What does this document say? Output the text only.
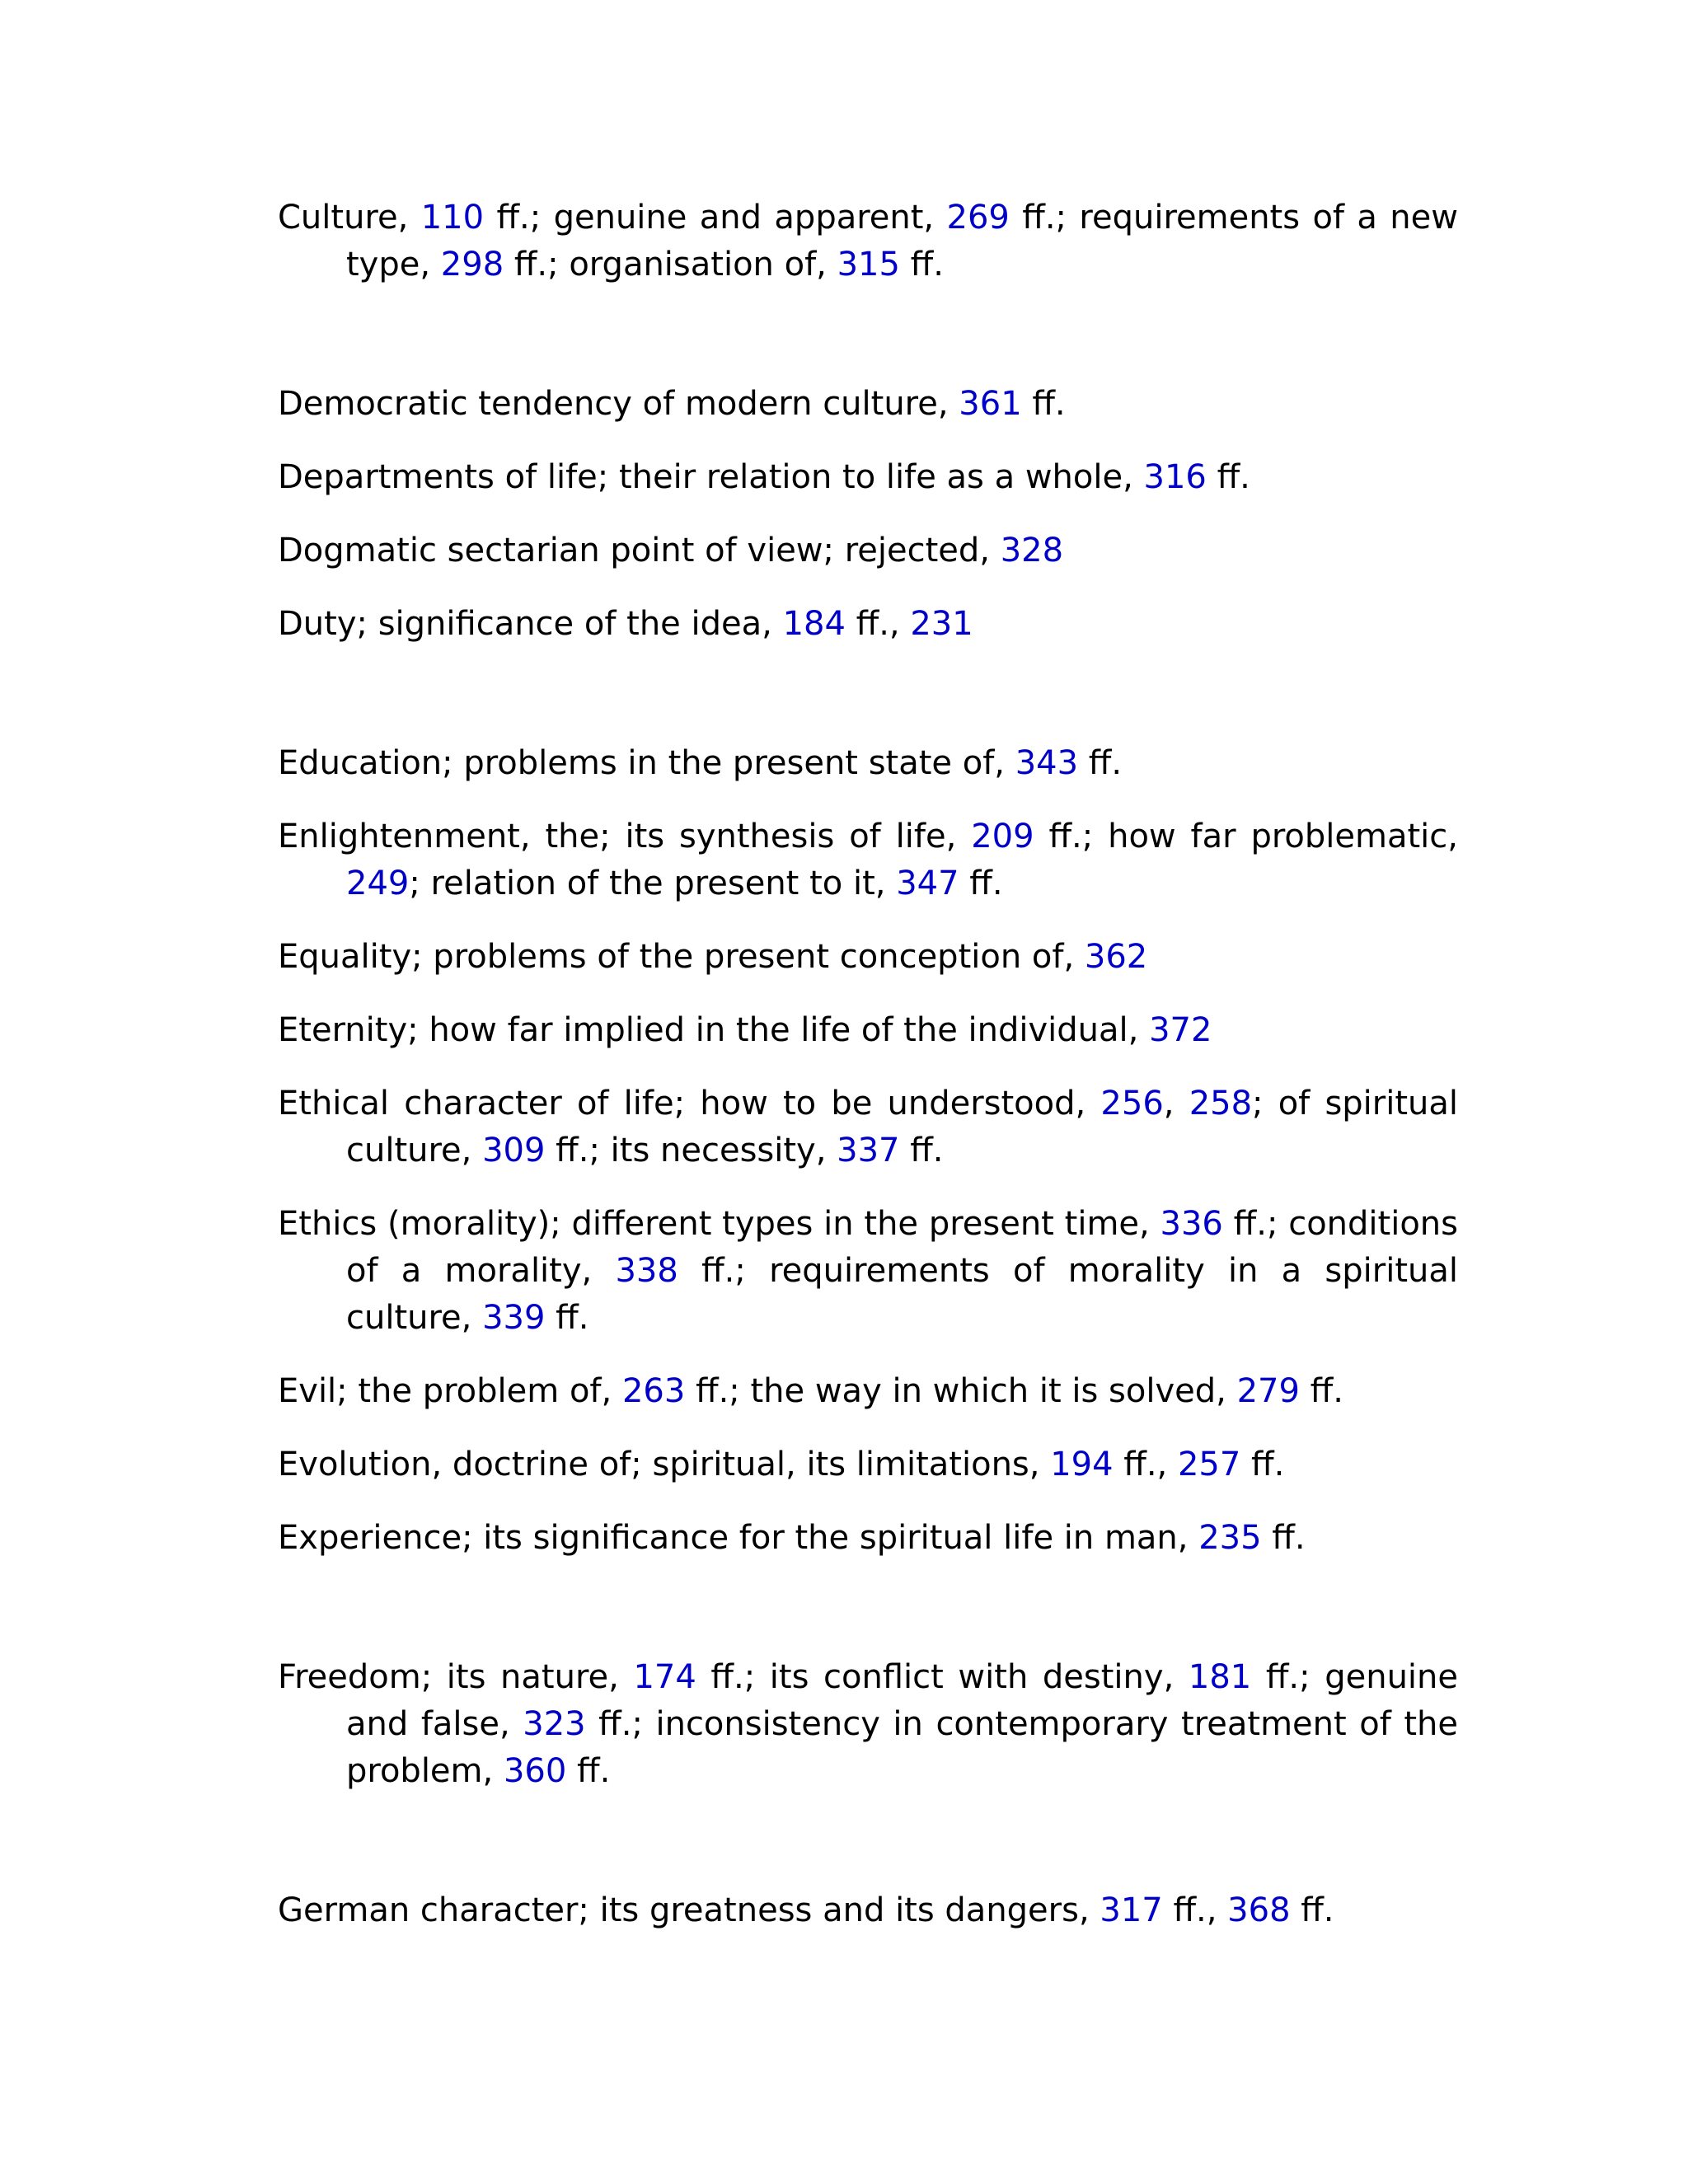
Culture, 110 ff.; genuine and apparent, 269 ff.; requirements of a new type, 298 ff.; organisation of, 315 ff.

Democratic tendency of modern culture, 361 ff.

Departments of life; their relation to life as a whole, 316 ff.

Dogmatic sectarian point of view; rejected, 328

Duty; significance of the idea, 184 ff., 231

Education; problems in the present state of, 343 ff.

Enlightenment, the; its synthesis of life, 209 ff.; how far problematic, 249; relation of the present to it, 347 ff.

Equality; problems of the present conception of, 362

Eternity; how far implied in the life of the individual, 372

Ethical character of life; how to be understood, 256, 258; of spiritual culture, 309 ff.; its necessity, 337 ff.

Ethics (morality); different types in the present time, 336 ff.; conditions of a morality, 338 ff.; requirements of morality in a spiritual culture, 339 ff.

Evil; the problem of, 263 ff.; the way in which it is solved, 279 ff.

Evolution, doctrine of; spiritual, its limitations, 194 ff., 257 ff.

Experience; its significance for the spiritual life in man, 235 ff.

Freedom; its nature, 174 ff.; its conflict with destiny, 181 ff.; genuine and false, 323 ff.; inconsistency in contemporary treatment of the problem, 360 ff.

German character; its greatness and its dangers, 317 ff., 368 ff.
